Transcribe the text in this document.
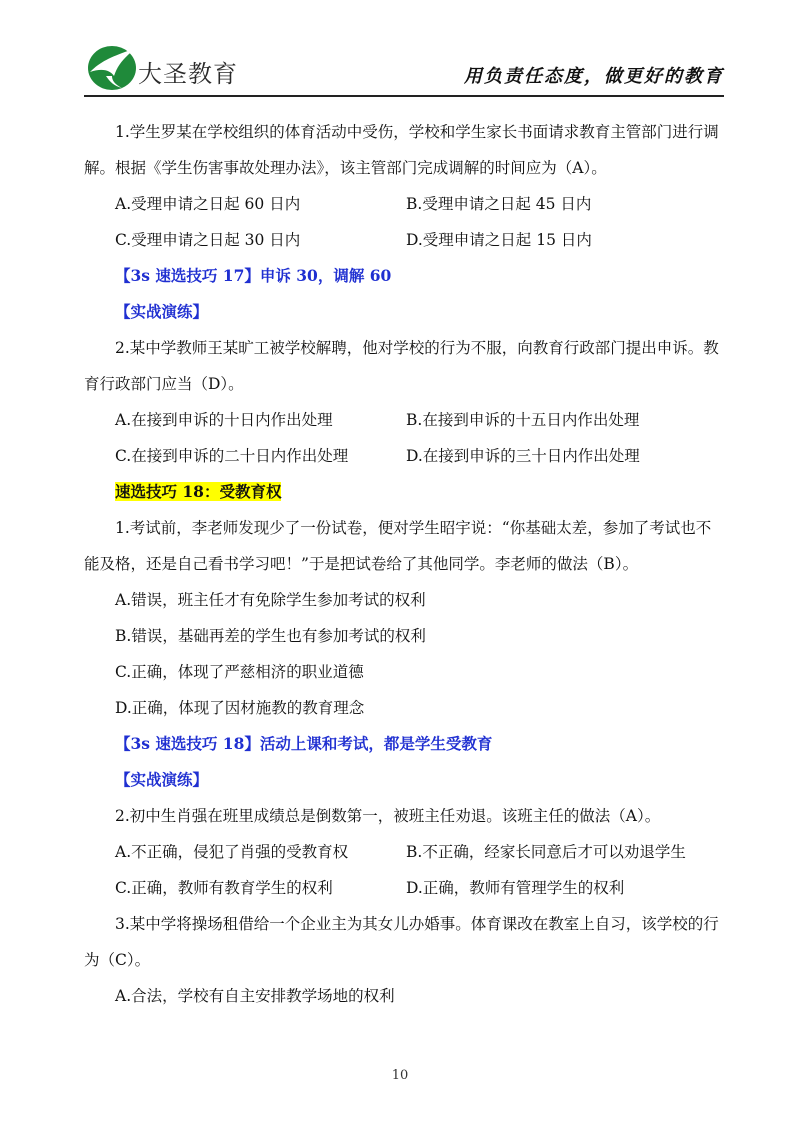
大圣教育	用负责任态度，做更好的教育

1.学生罗某在学校组织的体育活动中受伤，学校和学生家长书面请求教育主管部门进行调解。根据《学生伤害事故处理办法》，该主管部门完成调解的时间应为（A）。

A.受理申请之日起 60 日内	B.受理申请之日起 45 日内
C.受理申请之日起 30 日内	D.受理申请之日起 15 日内

【3s 速选技巧 17】申诉 30，调解 60

【实战演练】

2.某中学教师王某旷工被学校解聘，他对学校的行为不服，向教育行政部门提出申诉。教育行政部门应当（D）。

A.在接到申诉的十日内作出处理	B.在接到申诉的十五日内作出处理
C.在接到申诉的二十日内作出处理	D.在接到申诉的三十日内作出处理

速选技巧 18：受教育权

1.考试前，李老师发现少了一份试卷，便对学生昭宇说：“你基础太差，参加了考试也不能及格，还是自己看书学习吧！”于是把试卷给了其他同学。李老师的做法（B）。

A.错误，班主任才有免除学生参加考试的权利

B.错误，基础再差的学生也有参加考试的权利

C.正确，体现了严慈相济的职业道德

D.正确，体现了因材施教的教育理念

【3s 速选技巧 18】活动上课和考试，都是学生受教育

【实战演练】

2.初中生肖强在班里成绩总是倒数第一，被班主任劝退。该班主任的做法（A）。

A.不正确，侵犯了肖强的受教育权	B.不正确，经家长同意后才可以劝退学生
C.正确，教师有教育学生的权利	D.正确，教师有管理学生的权利

3.某中学将操场租借给一个企业主为其女儿办婚事。体育课改在教室上自习，该学校的行为（C）。

A.合法，学校有自主安排教学场地的权利

10
